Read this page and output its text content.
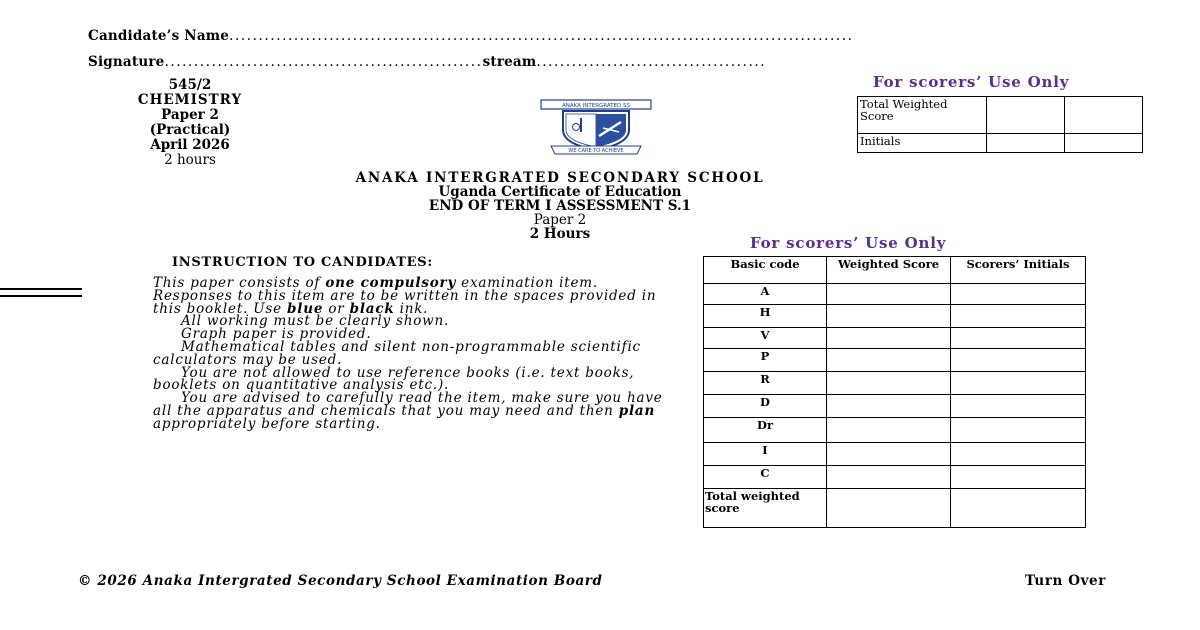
Candidate’s Name..........................................................................................................
Signature......................................................stream.......................................
545/2
CHEMISTRY
Paper 2
(Practical)
April 2026
2 hours
ANAKA INTERGRATED SS
WE CARE TO ACHIEVE
For scorers’ Use Only
Total Weighted Score		
Initials		
ANAKA INTERGRATED SECONDARY SCHOOL
Uganda Certificate of Education
END OF TERM I ASSESSMENT S.1
Paper 2
2 Hours
INSTRUCTION TO CANDIDATES:
This paper consists of one compulsory examination item. Responses to this item are to be written in the spaces provided in this booklet. Use blue or black ink.
All working must be clearly shown.
Graph paper is provided.
Mathematical tables and silent non-programmable scientific calculators may be used.
You are not allowed to use reference books (i.e. text books, booklets on quantitative analysis etc.).
You are advised to carefully read the item, make sure you have all the apparatus and chemicals that you may need and then plan appropriately before starting.
For scorers’ Use Only
Basic code	Weighted Score	Scorers’ Initials
A		
H		
V		
P		
R		
D		
Dr		
I		
C		
Total weighted score		
© 2026 Anaka Intergrated Secondary School Examination Board	Turn Over
